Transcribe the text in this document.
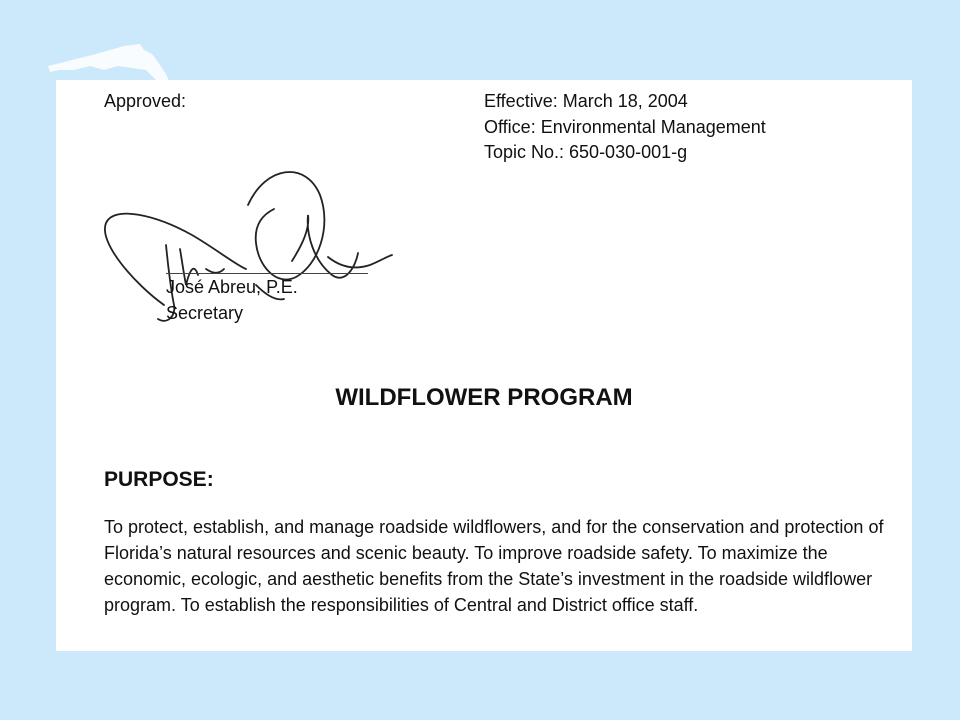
Approved:	Effective: March 18, 2004
Office: Environmental Management
Topic No.: 650-030-001-g
José Abreu, P.E.
Secretary
WILDFLOWER PROGRAM
PURPOSE:
To protect, establish, and manage roadside wildflowers, and for the conservation and protection of Florida’s natural resources and scenic beauty. To improve roadside safety. To maximize the economic, ecologic, and aesthetic benefits from the State’s investment in the roadside wildflower program. To establish the responsibilities of Central and District office staff.
